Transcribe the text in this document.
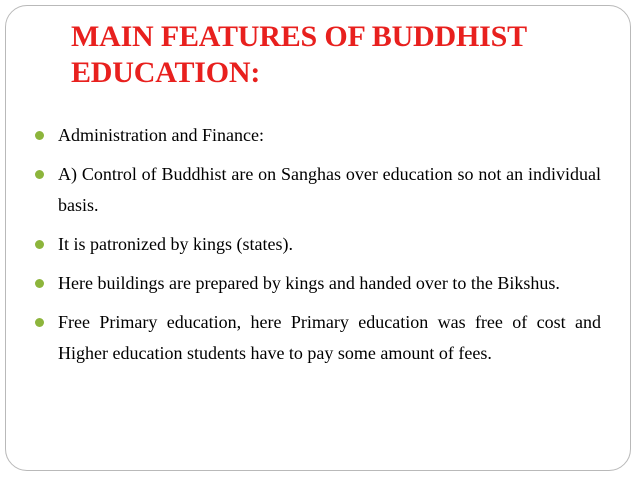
MAIN FEATURES OF BUDDHIST EDUCATION:
Administration and Finance:
A) Control of Buddhist are on Sanghas over education so not an individual basis.
It is patronized by kings (states).
Here buildings are prepared by kings and handed over to the Bikshus.
Free Primary education, here Primary education was free of cost and Higher education students have to pay some amount of fees.
